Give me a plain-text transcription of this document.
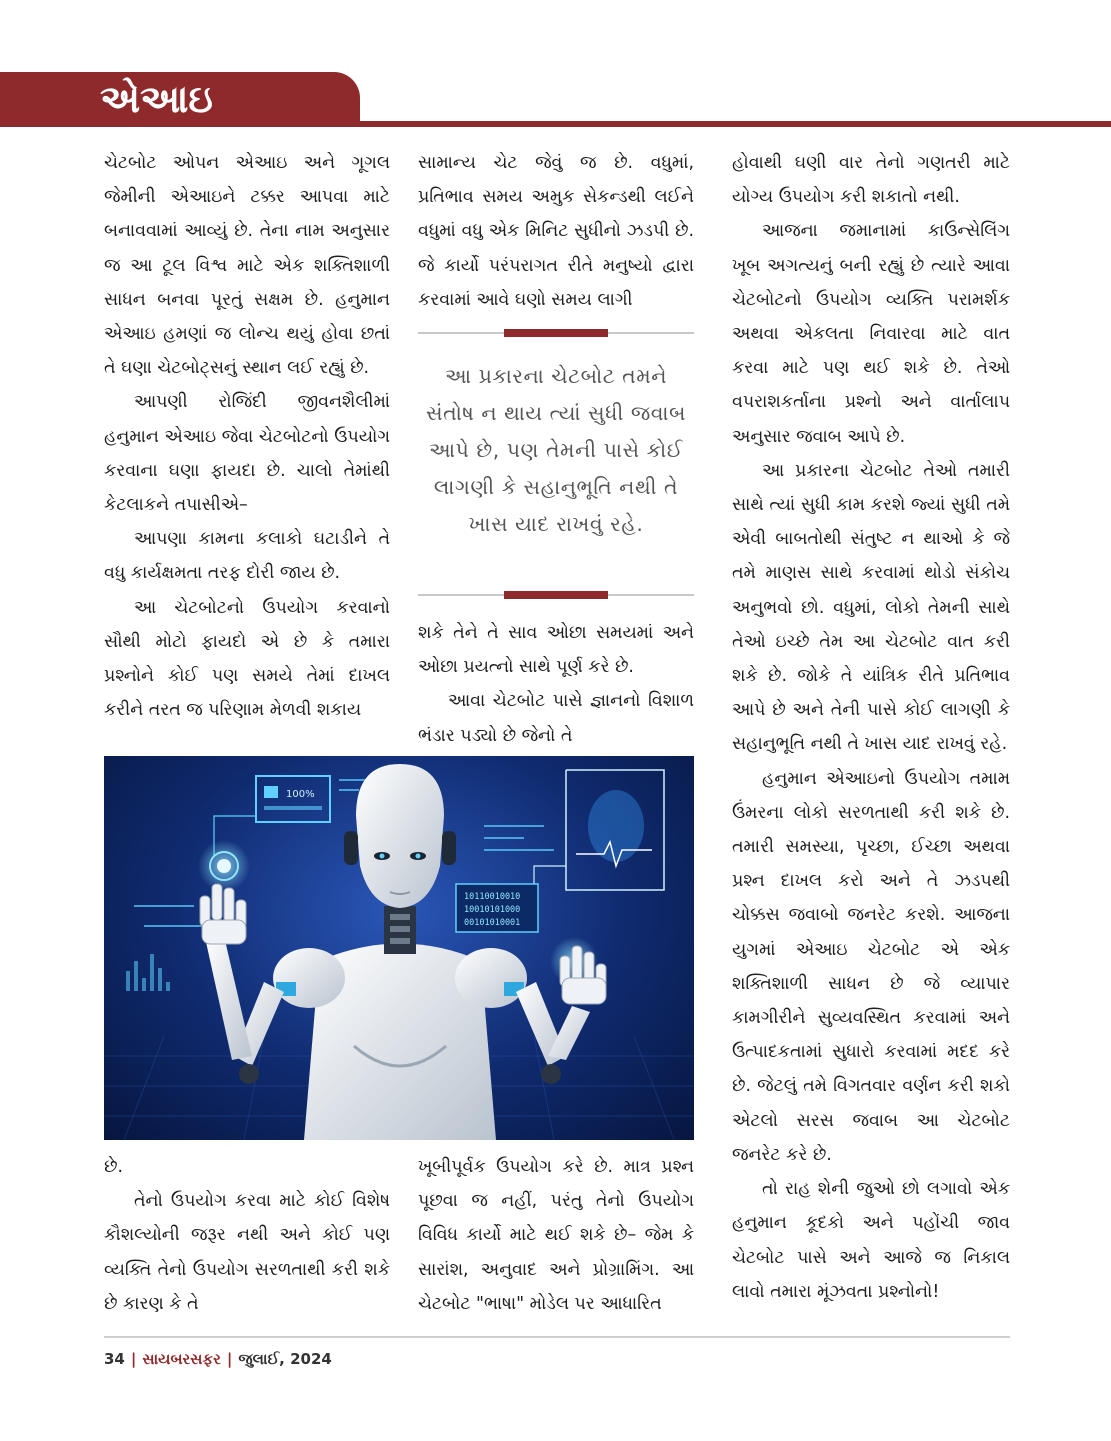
એઆઇ

ચેટબોટ ઓપન એઆઇ અને ગૂગલ જેમીની એઆઇને ટક્કર આપવા માટે બનાવવામાં આવ્યું છે. તેના નામ અનુસાર જ આ ટૂલ વિશ્વ માટે એક શક્તિશાળી સાધન બનવા પૂરતું સક્ષમ છે. હનુમાન એઆઇ હમણાં જ લોન્ચ થયું હોવા છતાં તે ઘણા ચેટબોટ્સનું સ્થાન લઈ રહ્યું છે.

આપણી રોજિંદી જીવનશૈલીમાં હનુમાન એઆઇ જેવા ચેટબોટનો ઉપયોગ કરવાના ઘણા ફાયદા છે. ચાલો તેમાંથી કેટલાકને તપાસીએ–

આપણા કામના કલાકો ઘટાડીને તે વધુ કાર્યક્ષમતા તરફ દોરી જાય છે.

આ ચેટબોટનો ઉપયોગ કરવાનો સૌથી મોટો ફાયદો એ છે કે તમારા પ્રશ્નોને કોઈ પણ સમયે તેમાં દાખલ કરીને તરત જ પરિણામ મેળવી શકાય

સામાન્ય ચેટ જેવું જ છે. વધુમાં, પ્રતિભાવ સમય અમુક સેકન્ડથી લઈને વધુમાં વધુ એક મિનિટ સુધીનો ઝડપી છે. જે કાર્યો પરંપરાગત રીતે મનુષ્યો દ્વારા કરવામાં આવે ઘણો સમય લાગી

આ પ્રકારના ચેટબોટ તમને સંતોષ ન થાય ત્યાં સુધી જવાબ આપે છે, પણ તેમની પાસે કોઈ લાગણી કે સહાનુભૂતિ નથી તે ખાસ યાદ રાખવું રહે.

શકે તેને તે સાવ ઓછા સમયમાં અને ઓછા પ્રયત્નો સાથે પૂર્ણ કરે છે.

આવા ચેટબોટ પાસે જ્ઞાનનો વિશાળ ભંડાર પડ્યો છે જેનો તે

હોવાથી ઘણી વાર તેનો ગણતરી માટે યોગ્ય ઉપયોગ કરી શકાતો નથી.

આજના જમાનામાં કાઉન્સેલિંગ ખૂબ અગત્યનું બની રહ્યું છે ત્યારે આવા ચેટબોટનો ઉપયોગ વ્યક્તિ પરામર્શક અથવા એકલતા નિવારવા માટે વાત કરવા માટે પણ થઈ શકે છે. તેઓ વપરાશકર્તાના પ્રશ્નો અને વાર્તાલાપ અનુસાર જવાબ આપે છે.

આ પ્રકારના ચેટબોટ તેઓ તમારી સાથે ત્યાં સુધી કામ કરશે જ્યાં સુધી તમે એવી બાબતોથી સંતુષ્ટ ન થાઓ કે જે તમે માણસ સાથે કરવામાં થોડો સંકોચ અનુભવો છો. વધુમાં, લોકો તેમની સાથે તેઓ ઇચ્છે તેમ આ ચેટબોટ વાત કરી શકે છે. જોકે તે યાંત્રિક રીતે પ્રતિભાવ આપે છે અને તેની પાસે કોઈ લાગણી કે સહાનુભૂતિ નથી તે ખાસ યાદ રાખવું રહે.

હનુમાન એઆઇનો ઉપયોગ તમામ ઉંમરના લોકો સરળતાથી કરી શકે છે. તમારી સમસ્યા, પૃચ્છા, ઈચ્છા અથવા પ્રશ્ન દાખલ કરો અને તે ઝડપથી ચોક્કસ જવાબો જનરેટ કરશે. આજના યુગમાં એઆઇ ચેટબોટ એ એક શક્તિશાળી સાધન છે જે વ્યાપાર કામગીરીને સુવ્યવસ્થિત કરવામાં અને ઉત્પાદકતામાં સુધારો કરવામાં મદદ કરે છે. જેટલું તમે વિગતવાર વર્ણન કરી શકો એટલો સરસ જવાબ આ ચેટબોટ જનરેટ કરે છે.

તો રાહ શેની જુઓ છો લગાવો એક હનુમાન કૂદકો અને પહોંચી જાવ ચેટબોટ પાસે અને આજે જ નિકાલ લાવો તમારા મૂંઝવતા પ્રશ્નોનો!

100%
10110010010
10010101000
00101010001

છે.

તેનો ઉપયોગ કરવા માટે કોઈ વિશેષ કૌશલ્યોની જરૂર નથી અને કોઈ પણ વ્યક્તિ તેનો ઉપયોગ સરળતાથી કરી શકે છે કારણ કે તે

ખૂબીપૂર્વક ઉપયોગ કરે છે. માત્ર પ્રશ્ન પૂછવા જ નહીં, પરંતુ તેનો ઉપયોગ વિવિધ કાર્યો માટે થઈ શકે છે– જેમ કે સારાંશ, અનુવાદ અને પ્રોગ્રામિંગ. આ ચેટબોટ "ભાષા" મોડેલ પર આધારિત

34 | સાયબરસફર | જુલાઈ, 2024
